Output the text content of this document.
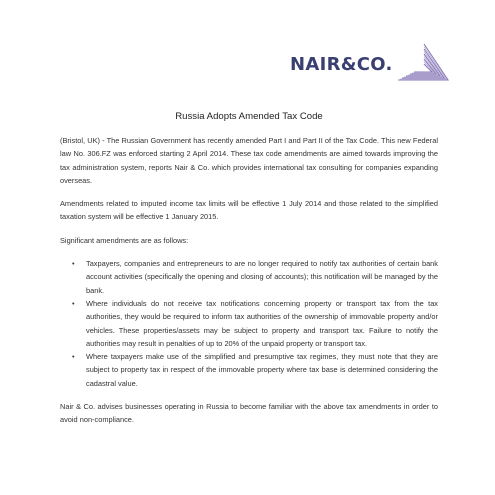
NAIR&CO.
Russia Adopts Amended Tax Code

(Bristol, UK) - The Russian Government has recently amended Part I and Part II of the Tax Code. This new Federal law No. 306.FZ was enforced starting 2 April 2014. These tax code amendments are aimed towards improving the tax administration system, reports Nair & Co. which provides international tax consulting for companies expanding overseas.

Amendments related to imputed income tax limits will be effective 1 July 2014 and those related to the simplified taxation system will be effective 1 January 2015.

Significant amendments are as follows:

• Taxpayers, companies and entrepreneurs to are no longer required to notify tax authorities of certain bank account activities (specifically the opening and closing of accounts); this notification will be managed by the bank.
• Where individuals do not receive tax notifications concerning property or transport tax from the tax authorities, they would be required to inform tax authorities of the ownership of immovable property and/or vehicles. These properties/assets may be subject to property and transport tax. Failure to notify the authorities may result in penalties of up to 20% of the unpaid property or transport tax.
• Where taxpayers make use of the simplified and presumptive tax regimes, they must note that they are subject to property tax in respect of the immovable property where tax base is determined considering the cadastral value.

Nair & Co. advises businesses operating in Russia to become familiar with the above tax amendments in order to avoid non-compliance.
